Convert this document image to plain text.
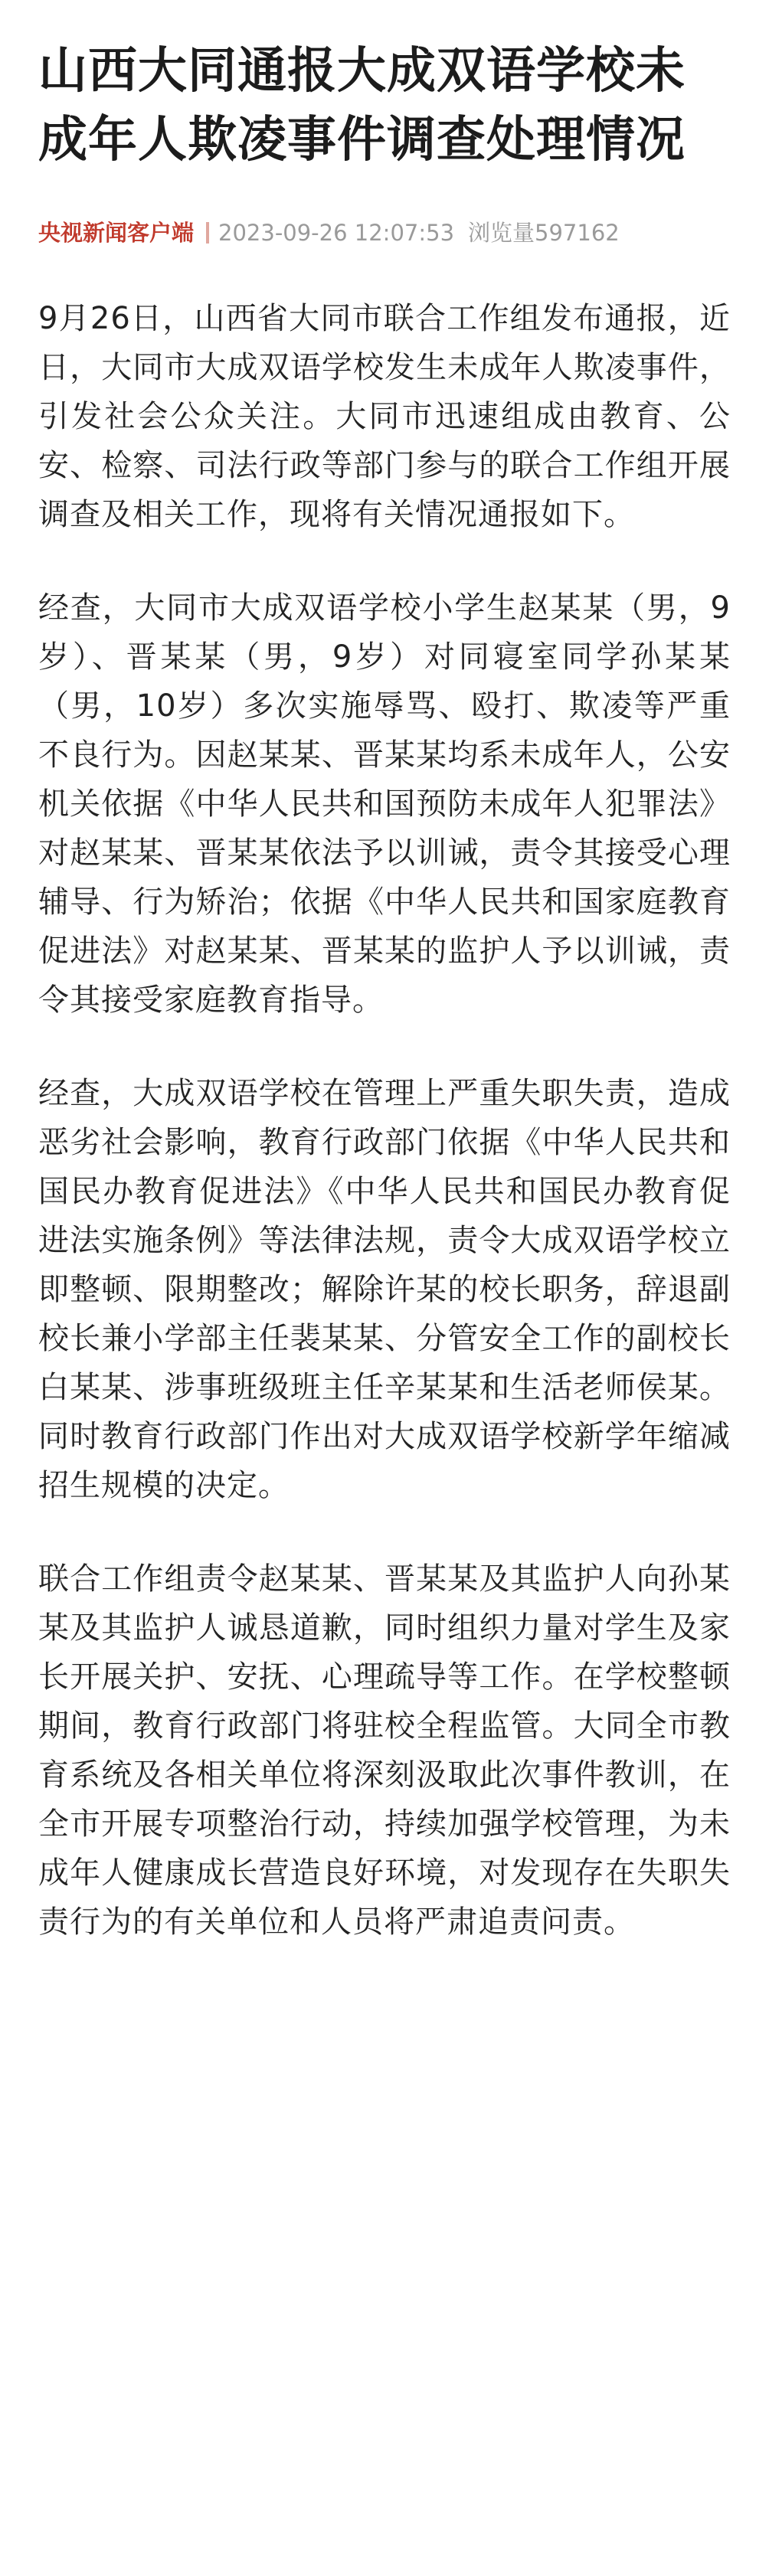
山西大同通报大成双语学校未成年人欺凌事件调查处理情况
央视新闻客户端 2023-09-26 12:07:53 浏览量597162

9月26日，山西省大同市联合工作组发布通报，近日，大同市大成双语学校发生未成年人欺凌事件，引发社会公众关注。大同市迅速组成由教育、公安、检察、司法行政等部门参与的联合工作组开展调查及相关工作，现将有关情况通报如下。

经查，大同市大成双语学校小学生赵某某（男，9岁）、晋某某（男，9岁）对同寝室同学孙某某（男，10岁）多次实施辱骂、殴打、欺凌等严重不良行为。因赵某某、晋某某均系未成年人，公安机关依据《中华人民共和国预防未成年人犯罪法》对赵某某、晋某某依法予以训诫，责令其接受心理辅导、行为矫治；依据《中华人民共和国家庭教育促进法》对赵某某、晋某某的监护人予以训诫，责令其接受家庭教育指导。

经查，大成双语学校在管理上严重失职失责，造成恶劣社会影响，教育行政部门依据《中华人民共和国民办教育促进法》《中华人民共和国民办教育促进法实施条例》等法律法规，责令大成双语学校立即整顿、限期整改；解除许某的校长职务，辞退副校长兼小学部主任裴某某、分管安全工作的副校长白某某、涉事班级班主任辛某某和生活老师侯某。同时教育行政部门作出对大成双语学校新学年缩减招生规模的决定。

联合工作组责令赵某某、晋某某及其监护人向孙某某及其监护人诚恳道歉，同时组织力量对学生及家长开展关护、安抚、心理疏导等工作。在学校整顿期间，教育行政部门将驻校全程监管。大同全市教育系统及各相关单位将深刻汲取此次事件教训，在全市开展专项整治行动，持续加强学校管理，为未成年人健康成长营造良好环境，对发现存在失职失责行为的有关单位和人员将严肃追责问责。
